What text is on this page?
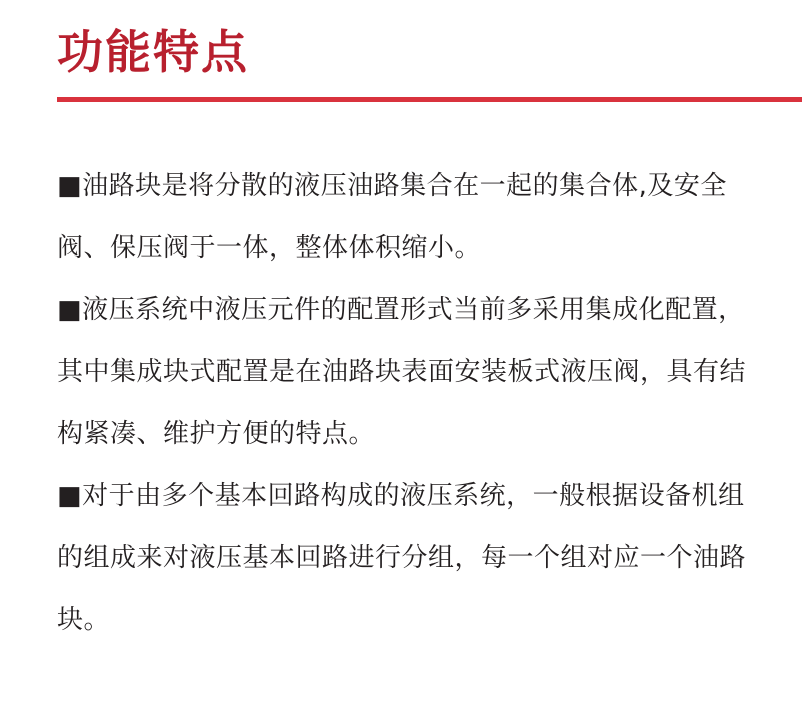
功能特点

■油路块是将分散的液压油路集合在一起的集合体,及安全阀、保压阀于一体，整体体积缩小。

■液压系统中液压元件的配置形式当前多采用集成化配置，其中集成块式配置是在油路块表面安装板式液压阀，具有结构紧凑、维护方便的特点。

■对于由多个基本回路构成的液压系统，一般根据设备机组的组成来对液压基本回路进行分组，每一个组对应一个油路块。
